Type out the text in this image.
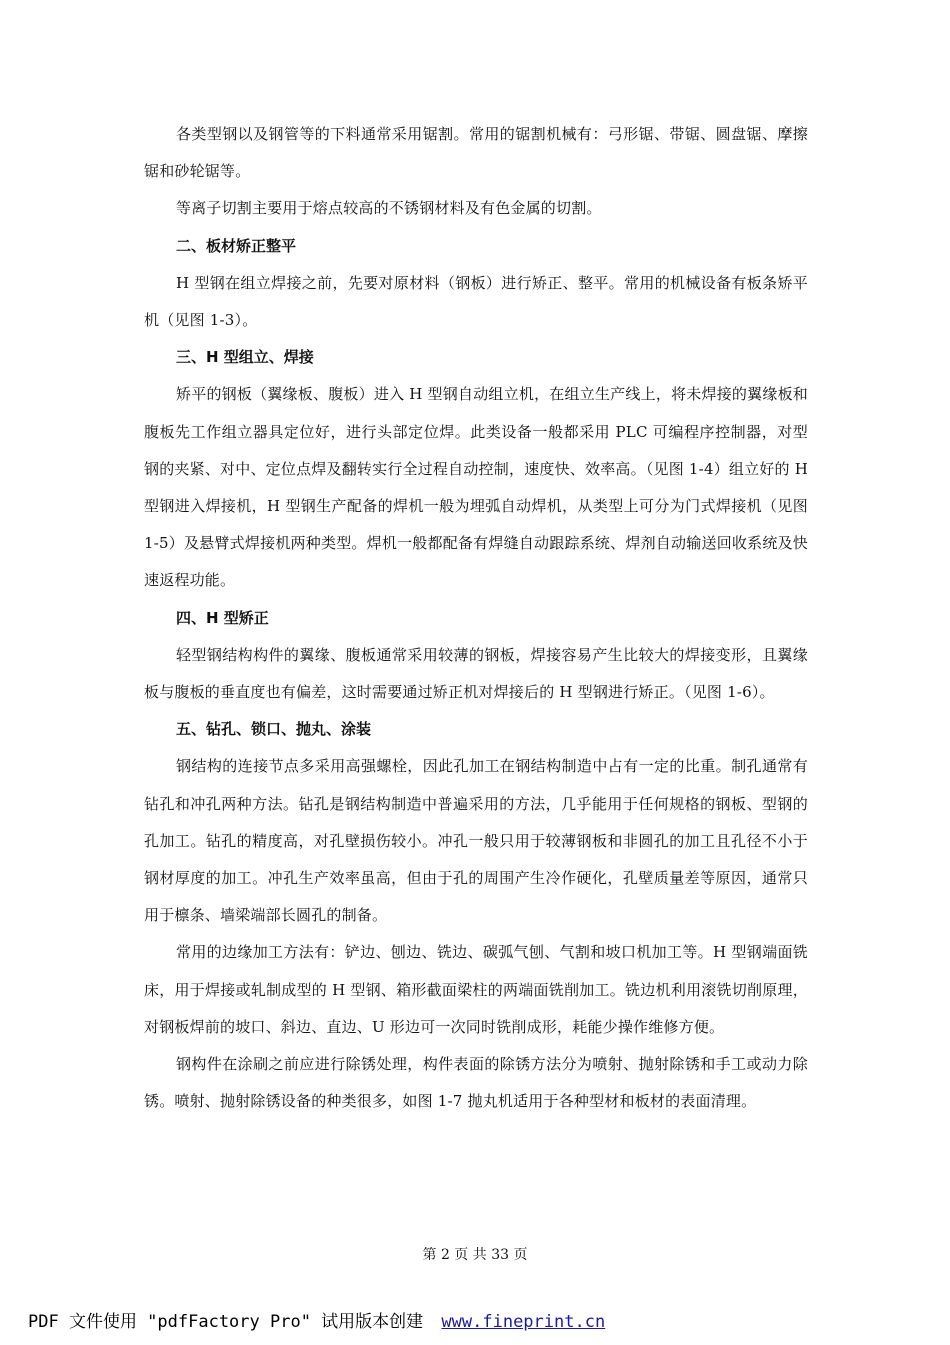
各类型钢以及钢管等的下料通常采用锯割。常用的锯割机械有：弓形锯、带锯、圆盘锯、摩擦锯和砂轮锯等。

等离子切割主要用于熔点较高的不锈钢材料及有色金属的切割。

二、板材矫正整平

H 型钢在组立焊接之前，先要对原材料（钢板）进行矫正、整平。常用的机械设备有板条矫平机（见图 1-3）。

三、H 型组立、焊接

矫平的钢板（翼缘板、腹板）进入 H 型钢自动组立机，在组立生产线上，将未焊接的翼缘板和腹板先工作组立器具定位好，进行头部定位焊。此类设备一般都采用 PLC 可编程序控制器，对型钢的夹紧、对中、定位点焊及翻转实行全过程自动控制，速度快、效率高。（见图 1-4）组立好的 H 型钢进入焊接机，H 型钢生产配备的焊机一般为埋弧自动焊机，从类型上可分为门式焊接机（见图 1-5）及悬臂式焊接机两种类型。焊机一般都配备有焊缝自动跟踪系统、焊剂自动输送回收系统及快速返程功能。

四、H 型矫正

轻型钢结构构件的翼缘、腹板通常采用较薄的钢板，焊接容易产生比较大的焊接变形，且翼缘板与腹板的垂直度也有偏差，这时需要通过矫正机对焊接后的 H 型钢进行矫正。（见图 1-6）。

五、钻孔、锁口、抛丸、涂装

钢结构的连接节点多采用高强螺栓，因此孔加工在钢结构制造中占有一定的比重。制孔通常有钻孔和冲孔两种方法。钻孔是钢结构制造中普遍采用的方法，几乎能用于任何规格的钢板、型钢的孔加工。钻孔的精度高，对孔壁损伤较小。冲孔一般只用于较薄钢板和非圆孔的加工且孔径不小于钢材厚度的加工。冲孔生产效率虽高，但由于孔的周围产生冷作硬化，孔壁质量差等原因，通常只用于檩条、墙梁端部长圆孔的制备。

常用的边缘加工方法有：铲边、刨边、铣边、碳弧气刨、气割和坡口机加工等。H 型钢端面铣床，用于焊接或轧制成型的 H 型钢、箱形截面梁柱的两端面铣削加工。铣边机利用滚铣切削原理，对钢板焊前的坡口、斜边、直边、U 形边可一次同时铣削成形，耗能少操作维修方便。

钢构件在涂刷之前应进行除锈处理，构件表面的除锈方法分为喷射、抛射除锈和手工或动力除锈。喷射、抛射除锈设备的种类很多，如图 1-7 抛丸机适用于各种型材和板材的表面清理。

第 2 页 共 33 页
PDF 文件使用 "pdfFactory Pro" 试用版本创建 www.fineprint.cn
